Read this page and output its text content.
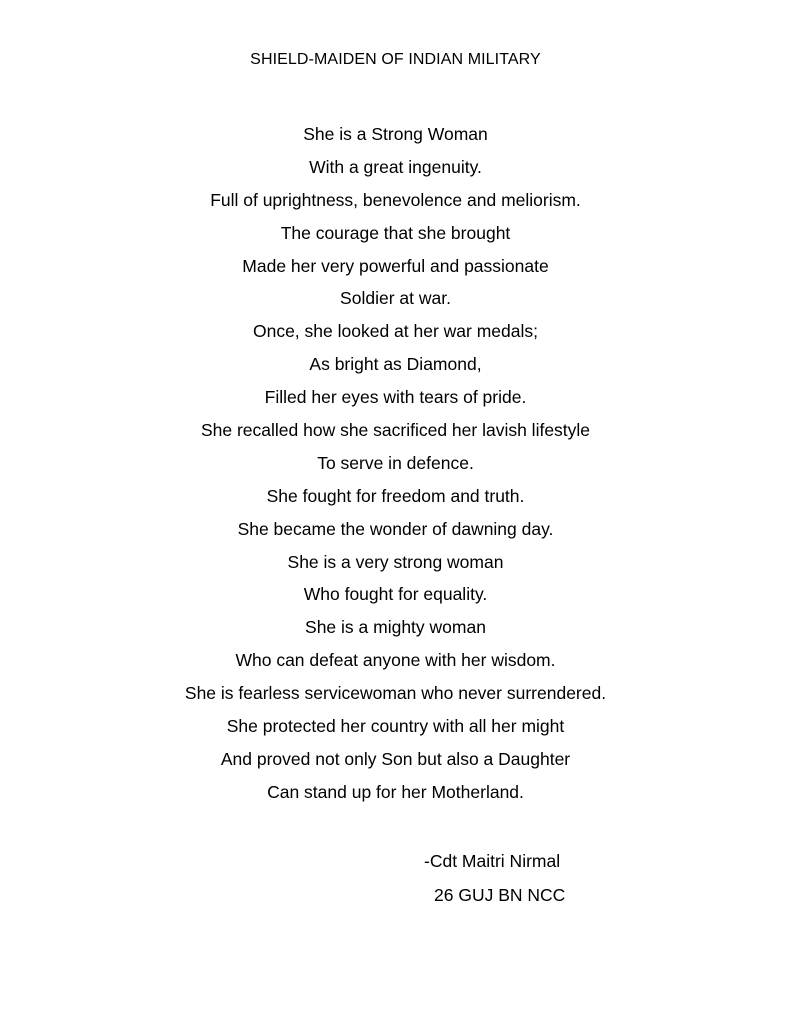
SHIELD-MAIDEN OF INDIAN MILITARY
She is a Strong Woman
With a great ingenuity.
Full of uprightness, benevolence and meliorism.
The courage that she brought
Made her very powerful and passionate
Soldier at war.
Once, she looked at her war medals;
As bright as Diamond,
Filled her eyes with tears of pride.
She recalled how she sacrificed her lavish lifestyle
To serve in defence.
She fought for freedom and truth.
She became the wonder of dawning day.
She is a very strong woman
Who fought for equality.
She is a mighty woman
Who can defeat anyone with her wisdom.
She is fearless servicewoman who never surrendered.
She protected her country with all her might
And proved not only Son but also a Daughter
Can stand up for her Motherland.
-Cdt Maitri Nirmal
26 GUJ BN NCC
